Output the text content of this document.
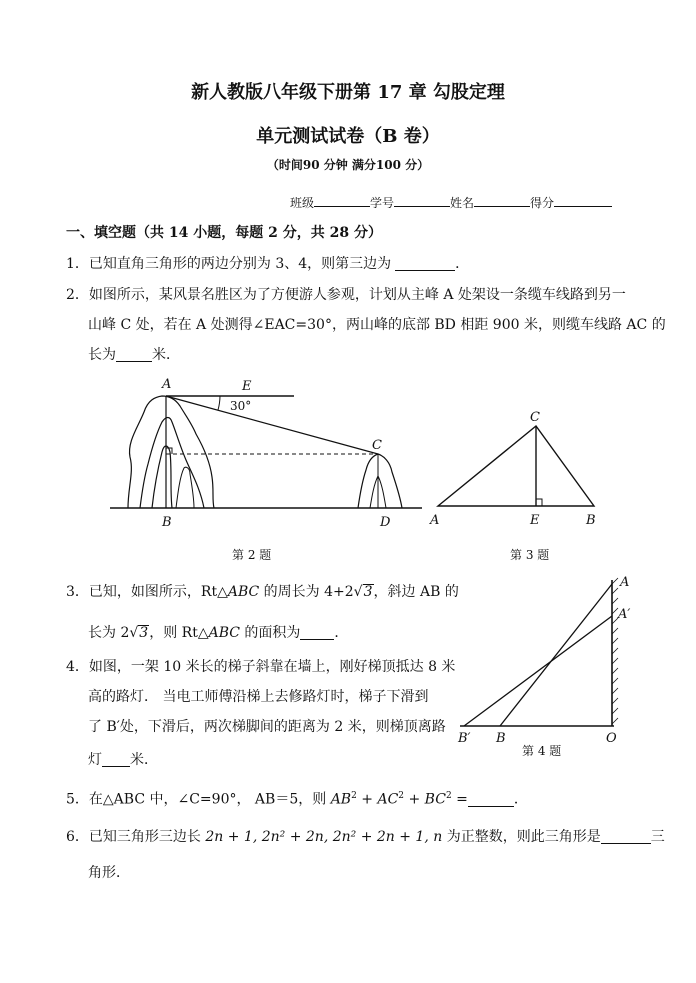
新人教版八年级下册第 17 章 勾股定理
单元测试试卷（B 卷）
（时间90 分钟 满分100 分）
班级	学号	姓名	得分
一、填空题（共 14 小题，每题 2 分，共 28 分）
1．已知直角三角形的两边分别为 3、4，则第三边为	．
2．如图所示，某风景名胜区为了方便游人参观，计划从主峰 A 处架设一条缆车线路到另一
山峰 C 处，若在 A 处测得∠EAC=30°，两山峰的底部 BD 相距 900 米，则缆车线路 AC 的
长为	米．
A	E
30°
C
B	D
第 2 题
C
A	E	B
第 3 题
3．已知，如图所示，Rt△ABC 的周长为 4+2√3，斜边 AB 的
长为 2√3，则 Rt△ABC 的面积为 ．
4．如图，一架 10 米长的梯子斜靠在墙上，刚好梯顶抵达 8 米
高的路灯． 当电工师傅沿梯上去修路灯时，梯子下滑到
了 B′处，下滑后，两次梯脚间的距离为 2 米，则梯顶离路
灯 米．
A
A′
B′ B	O
第 4 题
5．在△ABC 中，∠C=90°， AB＝5，则 $AB^2 + AC^2 + BC^2$ =	．
6．已知三角形三边长 2n + 1, 2n² + 2n, 2n² + 2n + 1, n 为正整数，则此三角形是	三
角形．
